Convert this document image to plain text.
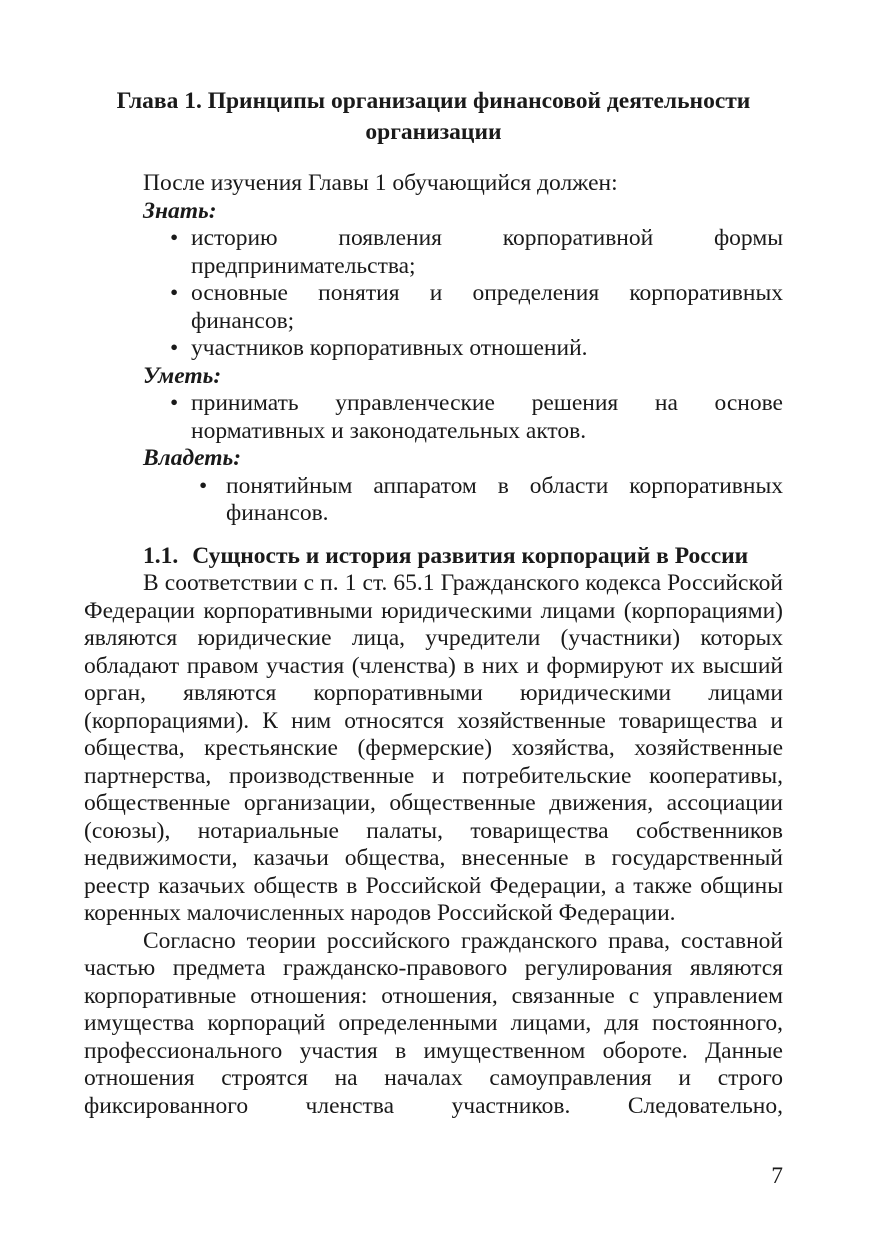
Глава 1. Принципы организации финансовой деятельности организации

После изучения Главы 1 обучающийся должен:

Знать:

• историю появления корпоративной формы предпринимательства;
• основные понятия и определения корпоративных финансов;
• участников корпоративных отношений.

Уметь:

• принимать управленческие решения на основе нормативных и законодательных актов.

Владеть:

• понятийным аппаратом в области корпоративных финансов.
1.1. Сущность и история развития корпораций в России

В соответствии с п. 1 ст. 65.1 Гражданского кодекса Российской Федерации корпоративными юридическими лицами (корпорациями) являются юридические лица, учредители (участники) которых обладают правом участия (членства) в них и формируют их высший орган, являются корпоративными юридическими лицами (корпорациями). К ним относятся хозяйственные товарищества и общества, крестьянские (фермерские) хозяйства, хозяйственные партнерства, производственные и потребительские кооперативы, общественные организации, общественные движения, ассоциации (союзы), нотариальные палаты, товарищества собственников недвижимости, казачьи общества, внесенные в государственный реестр казачьих обществ в Российской Федерации, а также общины коренных малочисленных народов Российской Федерации.

Согласно теории российского гражданского права, составной частью предмета гражданско-правового регулирования являются корпоративные отношения: отношения, связанные с управлением имущества корпораций определенными лицами, для постоянного, профессионального участия в имущественном обороте. Данные отношения строятся на началах самоуправления и строго фиксированного членства участников. Следовательно,

7
